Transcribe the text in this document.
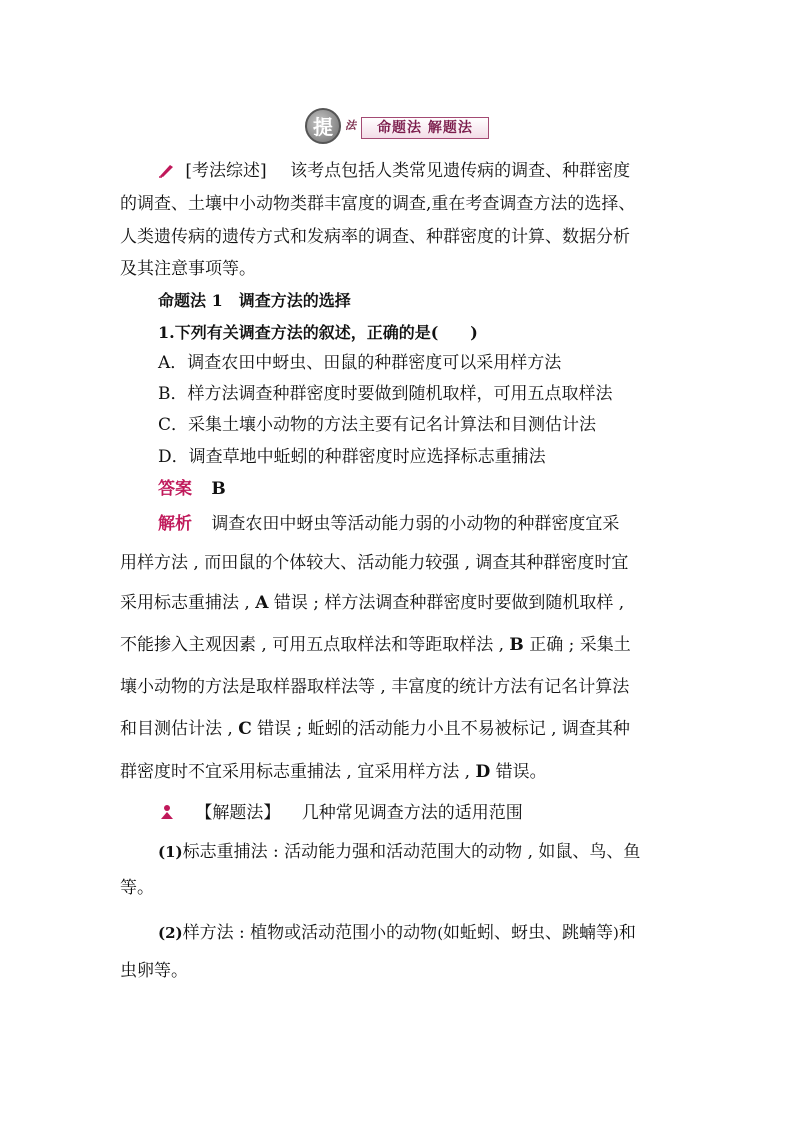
提	法	命题法 解题法
[考法综述] 该考点包括人类常见遗传病的调查、种群密度
的调查、土壤中小动物类群丰富度的调查,重在考查调查方法的选择、
人类遗传病的遗传方式和发病率的调查、种群密度的计算、数据分析
及其注意事项等。
命题法 1　调查方法的选择
1.下列有关调查方法的叙述，正确的是(　　)
A．调查农田中蚜虫、田鼠的种群密度可以采用样方法
B．样方法调查种群密度时要做到随机取样，可用五点取样法
C．采集土壤小动物的方法主要有记名计算法和目测估计法
D．调查草地中蚯蚓的种群密度时应选择标志重捕法
答案 B
解析 调查农田中蚜虫等活动能力弱的小动物的种群密度宜采
用样方法 , 而田鼠的个体较大、活动能力较强 , 调查其种群密度时宜
采用标志重捕法 , A 错误 ; 样方法调查种群密度时要做到随机取样 ,
不能掺入主观因素 , 可用五点取样法和等距取样法 , B 正确 ; 采集土
壤小动物的方法是取样器取样法等 , 丰富度的统计方法有记名计算法
和目测估计法 , C 错误 ; 蚯蚓的活动能力小且不易被标记 , 调查其种
群密度时不宜采用标志重捕法 , 宜采用样方法 , D 错误。
【解题法】 几种常见调查方法的适用范围
(1)标志重捕法 : 活动能力强和活动范围大的动物 , 如鼠、鸟、鱼
等。
(2)样方法 : 植物或活动范围小的动物(如蚯蚓、蚜虫、跳蝻等)和
虫卵等。
